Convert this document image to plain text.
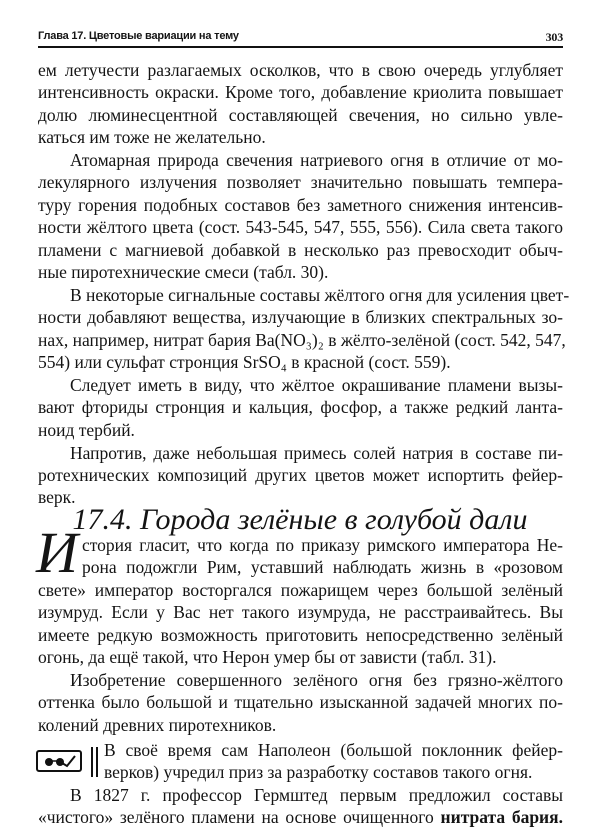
Глава 17. Цветовые вариации на тему	303
ем летучести разлагаемых осколков, что в свою очередь углубляет
интенсивность окраски. Кроме того, добавление криолита повышает
долю люминесцентной составляющей свечения, но сильно увле-
каться им тоже не желательно.
Атомарная природа свечения натриевого огня в отличие от мо-
лекулярного излучения позволяет значительно повышать темпера-
туру горения подобных составов без заметного снижения интенсив-
ности жёлтого цвета (сост. 543-545, 547, 555, 556). Сила света такого
пламени с магниевой добавкой в несколько раз превосходит обыч-
ные пиротехнические смеси (табл. 30).
В некоторые сигнальные составы жёлтого огня для усиления цвет-
ности добавляют вещества, излучающие в близких спектральных зо-
нах, например, нитрат бария Ba(NO₃)₂ в жёлто-зелёной (сост. 542, 547,
554) или сульфат стронция SrSO₄ в красной (сост. 559).
Следует иметь в виду, что жёлтое окрашивание пламени вызы-
вают фториды стронция и кальция, фосфор, а также редкий ланта-
ноид тербий.
Напротив, даже небольшая примесь солей натрия в составе пи-
ротехнических композиций других цветов может испортить фейер-
верк.
17.4. Города зелёные в голубой дали
И стория гласит, что когда по приказу римского императора Не-
рона подожгли Рим, уставший наблюдать жизнь в «розовом
свете» император восторгался пожарищем через большой зелёный
изумруд. Если у Вас нет такого изумруда, не расстраивайтесь. Вы
имеете редкую возможность приготовить непосредственно зелёный
огонь, да ещё такой, что Нерон умер бы от зависти (табл. 31).
Изобретение совершенного зелёного огня без грязно-жёлтого
оттенка было большой и тщательно изысканной задачей многих по-
колений древних пиротехников.
В своё время сам Наполеон (большой поклонник фейер-
верков) учредил приз за разработку составов такого огня.
В 1827 г. профессор Гермштед первым предложил составы
«чистого» зелёного пламени на основе очищенного нитрата бария.
